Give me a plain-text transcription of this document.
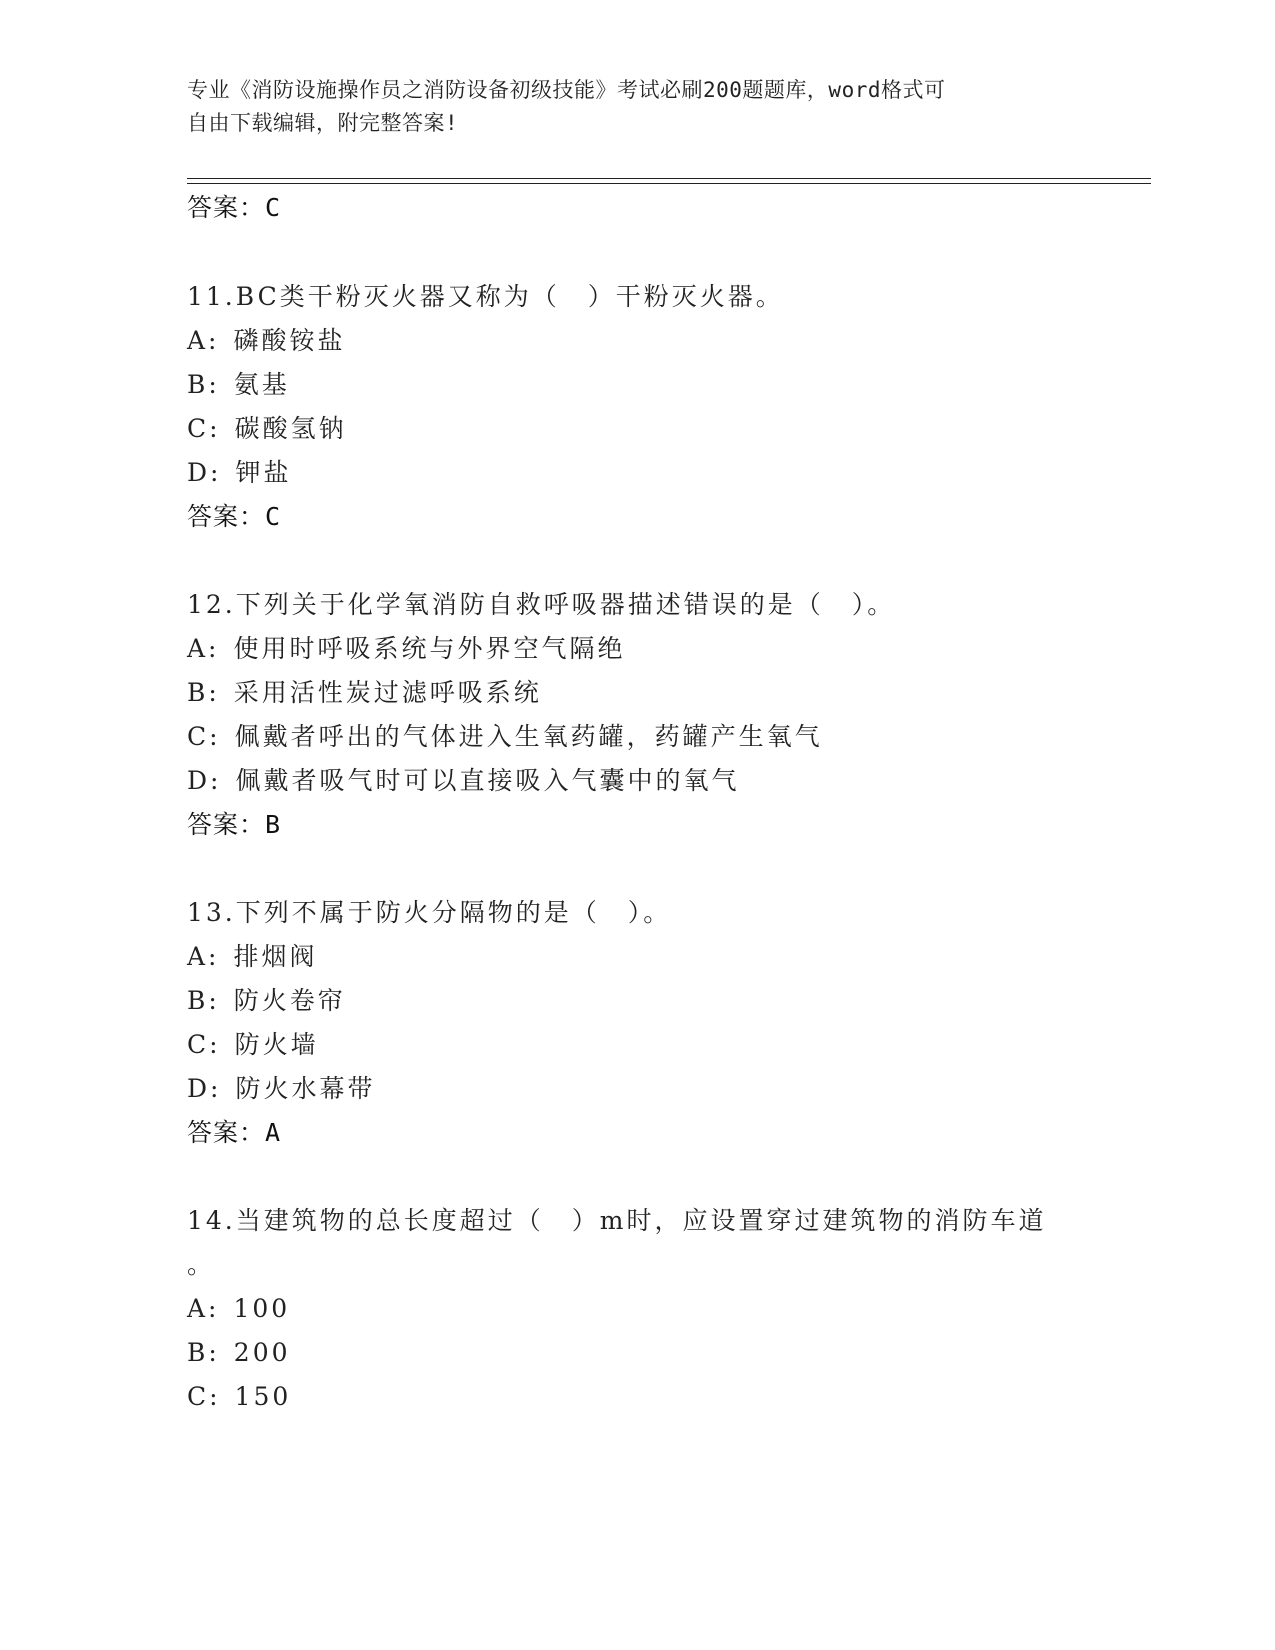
专业《消防设施操作员之消防设备初级技能》考试必刷200题题库，word格式可

自由下载编辑，附完整答案!

答案：C
11.BC类干粉灭火器又称为（　）干粉灭火器。
A: 磷酸铵盐
B: 氨基
C: 碳酸氢钠
D: 钾盐
答案：C
12.下列关于化学氧消防自救呼吸器描述错误的是（　）。
A: 使用时呼吸系统与外界空气隔绝
B: 采用活性炭过滤呼吸系统
C: 佩戴者呼出的气体进入生氧药罐，药罐产生氧气
D: 佩戴者吸气时可以直接吸入气囊中的氧气
答案：B
13.下列不属于防火分隔物的是（　）。
A: 排烟阀
B: 防火卷帘
C: 防火墙
D: 防火水幕带
答案：A
14.当建筑物的总长度超过（　）m时，应设置穿过建筑物的消防车道
。
A: 100
B: 200
C: 150
